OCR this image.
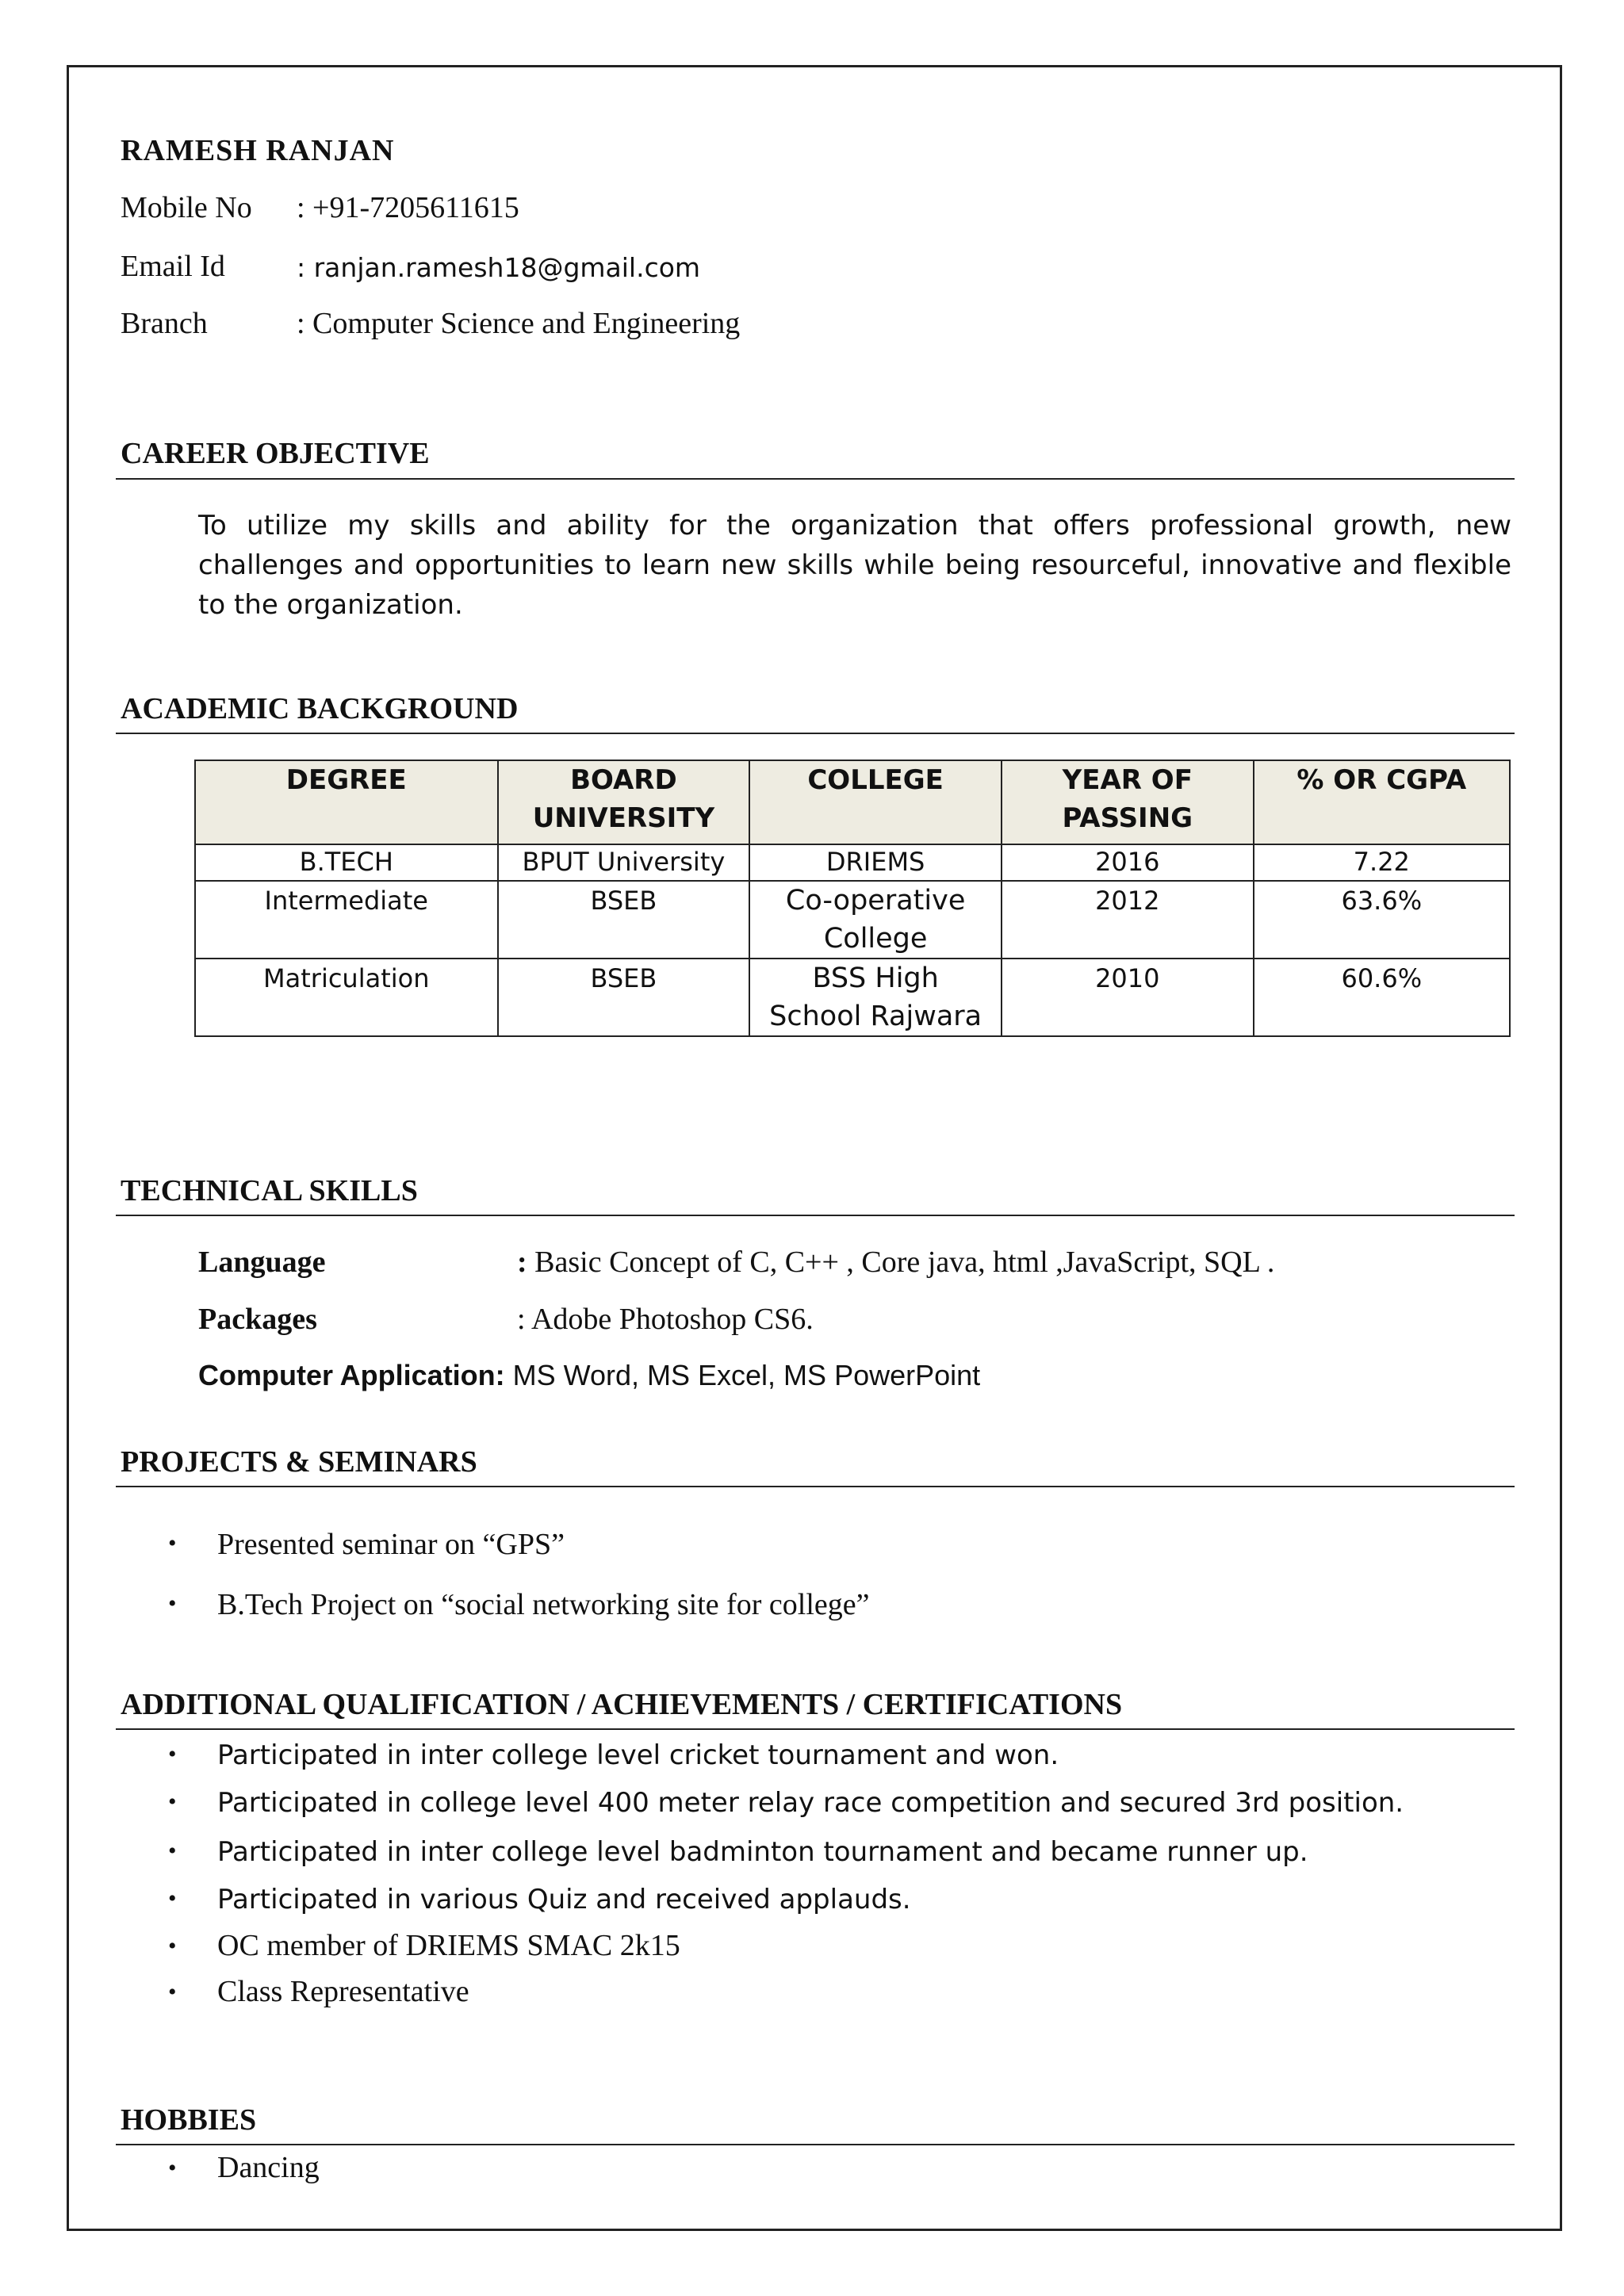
RAMESH RANJAN
Mobile No : +91-7205611615
Email Id	: ranjan.ramesh18@gmail.com
Branch	: Computer Science and Engineering
CAREER OBJECTIVE
To utilize my skills and ability for the organization that offers professional growth, new challenges and opportunities to learn new skills while being resourceful, innovative and flexible to the organization.
ACADEMIC BACKGROUND
DEGREE	BOARD UNIVERSITY	COLLEGE	YEAR OF PASSING	% OR CGPA
B.TECH	BPUT University	DRIEMS	2016	7.22
Intermediate	BSEB	Co-operative College	2012	63.6%
Matriculation	BSEB	BSS High School Rajwara	2010	60.6%
TECHNICAL SKILLS
Language	: Basic Concept of C, C++ , Core java, html ,JavaScript, SQL .
Packages	: Adobe Photoshop CS6.
Computer Application: MS Word, MS Excel, MS PowerPoint
PROJECTS & SEMINARS
• Presented seminar on “GPS”
• B.Tech Project on “social networking site for college”
ADDITIONAL QUALIFICATION / ACHIEVEMENTS / CERTIFICATIONS
• Participated in inter college level cricket tournament and won.
• Participated in college level 400 meter relay race competition and secured 3rd position.
• Participated in inter college level badminton tournament and became runner up.
• Participated in various Quiz and received applauds.
• OC member of DRIEMS SMAC 2k15
• Class Representative
HOBBIES
• Dancing
